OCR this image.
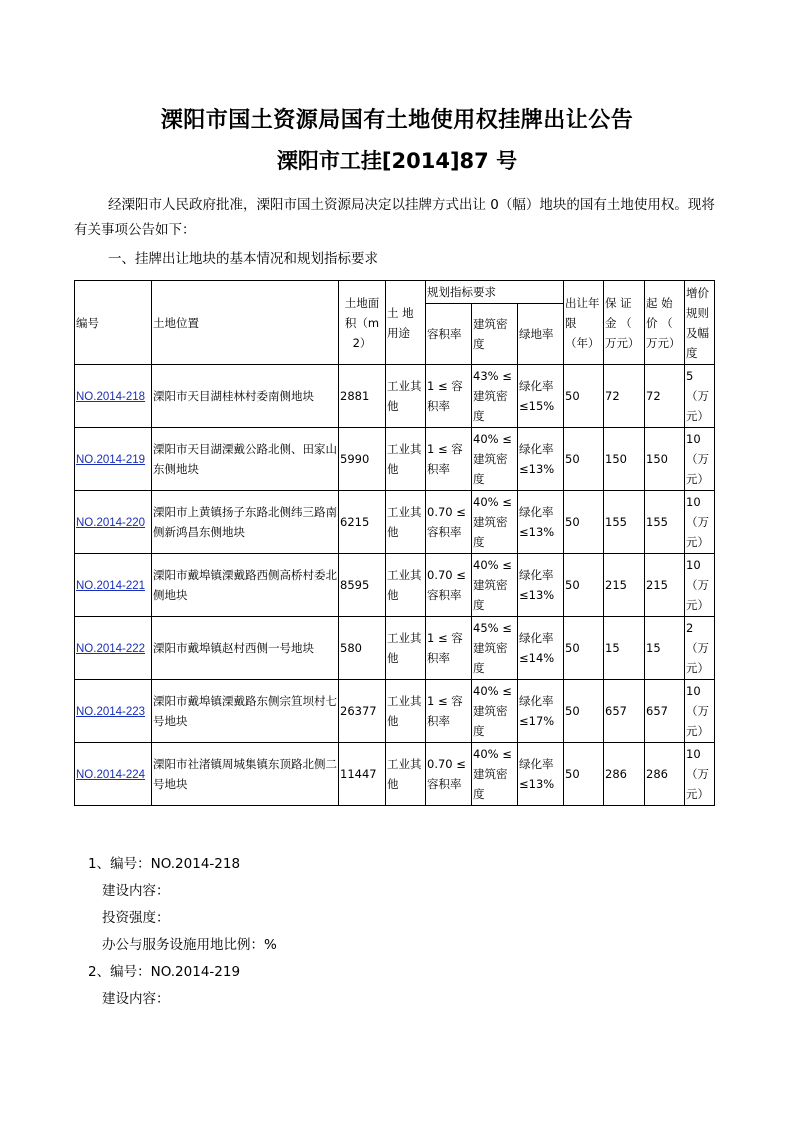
溧阳市国土资源局国有土地使用权挂牌出让公告
溧阳市工挂[2014]87 号
经溧阳市人民政府批准，溧阳市国土资源局决定以挂牌方式出让 0（幅）地块的国有土地使用权。现将有关事项公告如下：
一、挂牌出让地块的基本情况和规划指标要求
编号	土地位置	土地面积（m2）	土 地用途	规划指标要求			出让年限（年）	保 证金 （ 万元）	起 始价 （ 万元）	增价规则及幅度
				容积率	建筑密度	绿地率				
NO.2014-218	溧阳市天目湖桂林村委南侧地块	2881	工业其他	1 ≤ 容积率	43% ≤ 建筑密度	绿化率 ≤15%	50	72	72	5 （万元）
NO.2014-219	溧阳市天目湖溧戴公路北侧、田家山东侧地块	5990	工业其他	1 ≤ 容积率	40% ≤ 建筑密度	绿化率 ≤13%	50	150	150	10 （万元）
NO.2014-220	溧阳市上黄镇扬子东路北侧纬三路南侧新鸿昌东侧地块	6215	工业其他	0.70 ≤ 容积率	40% ≤ 建筑密度	绿化率 ≤13%	50	155	155	10 （万元）
NO.2014-221	溧阳市戴埠镇溧戴路西侧高桥村委北侧地块	8595	工业其他	0.70 ≤ 容积率	40% ≤ 建筑密度	绿化率 ≤13%	50	215	215	10 （万元）
NO.2014-222	溧阳市戴埠镇赵村西侧一号地块	580	工业其他	1 ≤ 容积率	45% ≤ 建筑密度	绿化率 ≤14%	50	15	15	2 （万元）
NO.2014-223	溧阳市戴埠镇溧戴路东侧宗笪坝村七号地块	26377	工业其他	1 ≤ 容积率	40% ≤ 建筑密度	绿化率 ≤17%	50	657	657	10 （万元）
NO.2014-224	溧阳市社渚镇周城集镇东顶路北侧二号地块	11447	工业其他	0.70 ≤ 容积率	40% ≤ 建筑密度	绿化率 ≤13%	50	286	286	10 （万元）
1、编号：NO.2014-218
建设内容：
投资强度：
办公与服务设施用地比例：%
2、编号：NO.2014-219
建设内容：
